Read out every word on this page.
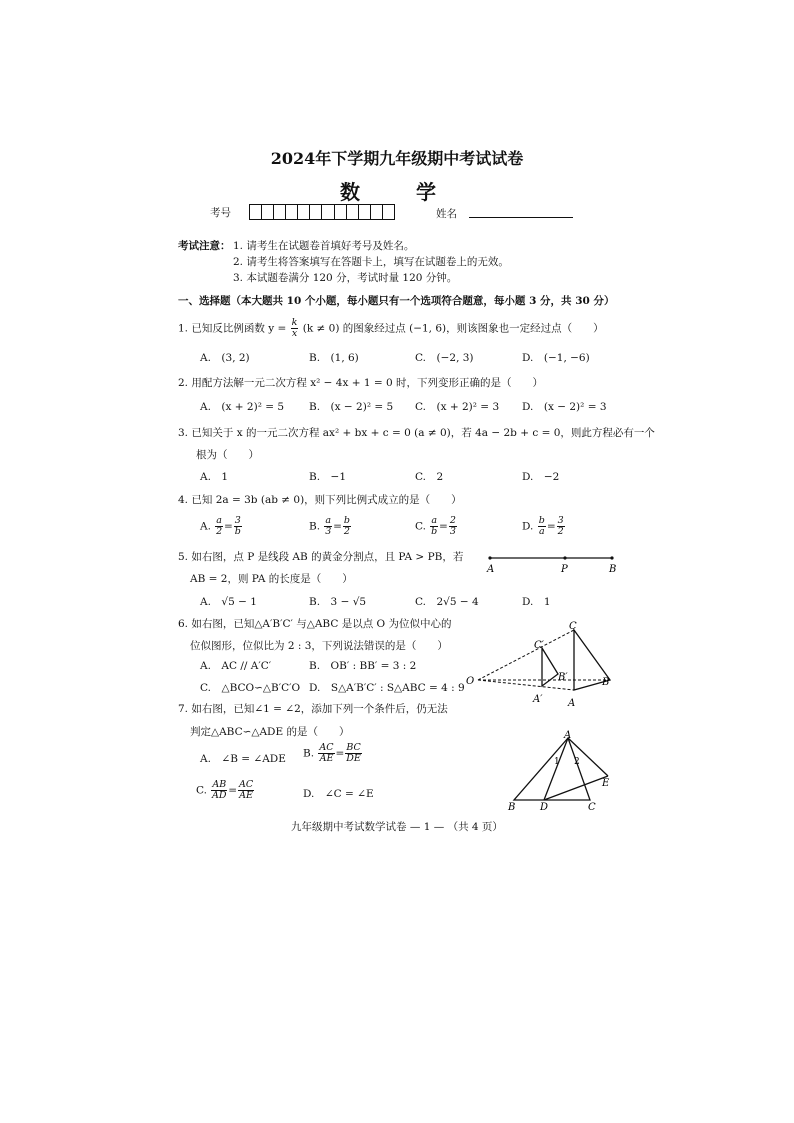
2024年下学期九年级期中考试试卷
数　学
考号	姓名
考试注意： 1. 请考生在试题卷首填好考号及姓名。
2. 请考生将答案填写在答题卡上，填写在试题卷上的无效。
3. 本试题卷满分 120 分，考试时量 120 分钟。
一、选择题（本大题共 10 个小题，每小题只有一个选项符合题意，每小题 3 分，共 30 分）
1. 已知反比例函数 $y = \frac{k}{x} (k \ne 0)$ 的图象经过点 (−1, 6)，则该图象也一定经过点（　　）
A.　(3, 2)	B.　(1, 6)	C.　(−2, 3)	D.　(−1, −6)
2. 用配方法解一元二次方程 x² − 4x + 1 = 0 时，下列变形正确的是（　　）
A.　(x + 2)² = 5 B.　(x − 2)² = 5 C.　(x + 2)² = 3 D.　(x − 2)² = 3
3. 已知关于 x 的一元二次方程 ax² + bx + c = 0 (a ≠ 0)，若 4a − 2b + c = 0，则此方程必有一个
根为（　　）
A.　1	B.　−1	C.　2	D.　−2
4. 已知 2a = 3b (ab ≠ 0)，则下列比例式成立的是（　　）
A. $\frac{a}{2} = \frac{3}{b}$	B. $\frac{a}{3} = \frac{b}{2}$	C. $\frac{a}{b} = \frac{2}{3}$	D. $\frac{b}{a} = \frac{3}{2}$
5. 如右图，点 P 是线段 AB 的黄金分割点，且 PA > PB，若
AB = 2，则 PA 的长度是（　　）
A.　√5 − 1	B.　3 − √5	C.　2√5 − 4	D.　1
A	P	B
6. 如右图，已知△A′B′C′ 与△ABC 是以点 O 为位似中心的
位似图形，位似比为 2 : 3，下列说法错误的是（　　）
A.　AC // A′C′	B.　OB′ : BB′ = 3 : 2
C.　△BCO∽△B′C′O D.　S△A′B′C′ : S△ABC = 4 : 9
O
C′
C
B′	B
A′	A
7. 如右图，已知∠1 = ∠2，添加下列一个条件后，仍无法
判定△ABC∽△ADE 的是（　　）
A.　∠B = ∠ADE B. $\frac{AC}{AE} = \frac{BC}{DE}$
C. $\frac{AB}{AD} = \frac{AC}{AE}$	D.　∠C = ∠E
A
1 2
E
B D	C
九年级期中考试数学试卷 — 1 — （共 4 页）
